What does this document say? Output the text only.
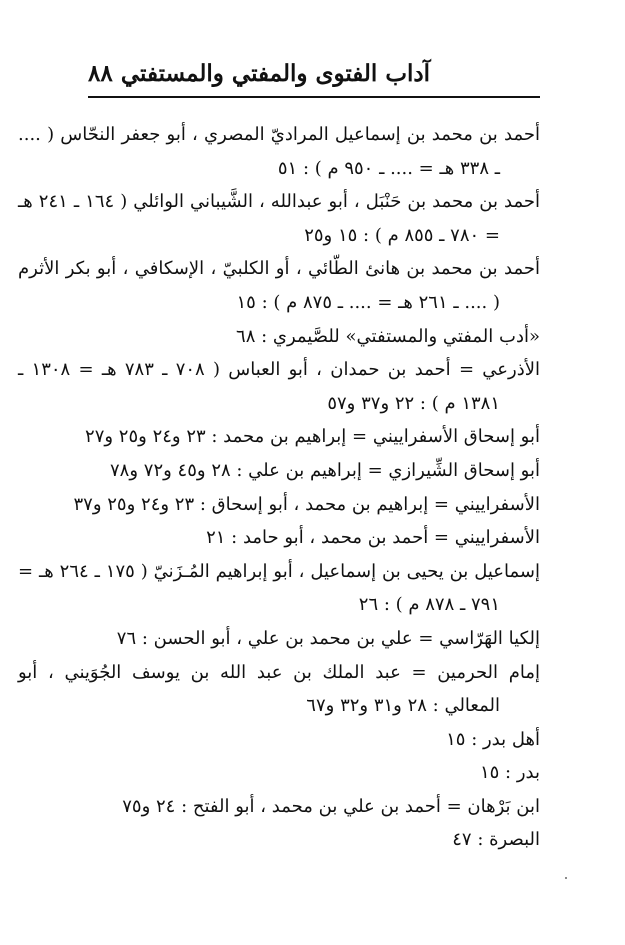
آداب الفتوى والمفتي والمستفتي
٨٨

أحمد بن محمد بن إسماعيل المراديّ المصري ، أبو جعفر النحّاس ( .... ـ ٣٣٨ هـ = .... ـ ٩٥٠ م ) : ٥١

أحمد بن محمد بن حَنْبَل ، أبو عبدالله ، الشَّيباني الوائلي ( ١٦٤ ـ ٢٤١ هـ = ٧٨٠ ـ ٨٥٥ م ) : ١٥ و٢٥

أحمد بن محمد بن هانئ الطّائي ، أو الكلبيّ ، الإسكافي ، أبو بكر الأثرم ( .... ـ ٢٦١ هـ = .... ـ ٨٧٥ م ) : ١٥

«أدب المفتي والمستفتي» للصَّيمري : ٦٨

الأذرعي = أحمد بن حمدان ، أبو العباس ( ٧٠٨ ـ ٧٨٣ هـ = ١٣٠٨ ـ ١٣٨١ م ) : ٢٢ و٣٧ و٥٧

أبو إسحاق الأسفراييني = إبراهيم بن محمد : ٢٣ و٢٤ و٢٥ و٢٧

أبو إسحاق الشِّيرازي = إبراهيم بن علي : ٢٨ و٤٥ و٧٢ و٧٨

الأسفراييني = إبراهيم بن محمد ، أبو إسحاق : ٢٣ و٢٤ و٢٥ و٣٧

الأسفراييني = أحمد بن محمد ، أبو حامد : ٢١

إسماعيل بن يحيى بن إسماعيل ، أبو إبراهيم المُـزَنيّ ( ١٧٥ ـ ٢٦٤ هـ = ٧٩١ ـ ٨٧٨ م ) : ٢٦

إلكيا الهَرّاسي = علي بن محمد بن علي ، أبو الحسن : ٧٦

إمام الحرمين = عبد الملك بن عبد الله بن يوسف الجُوَيني ، أبو المعالي : ٢٨ و٣١ و٣٢ و٦٧

أهل بدر : ١٥

بدر : ١٥

ابن بَرْهان = أحمد بن علي بن محمد ، أبو الفتح : ٢٤ و٧٥

البصرة : ٤٧
